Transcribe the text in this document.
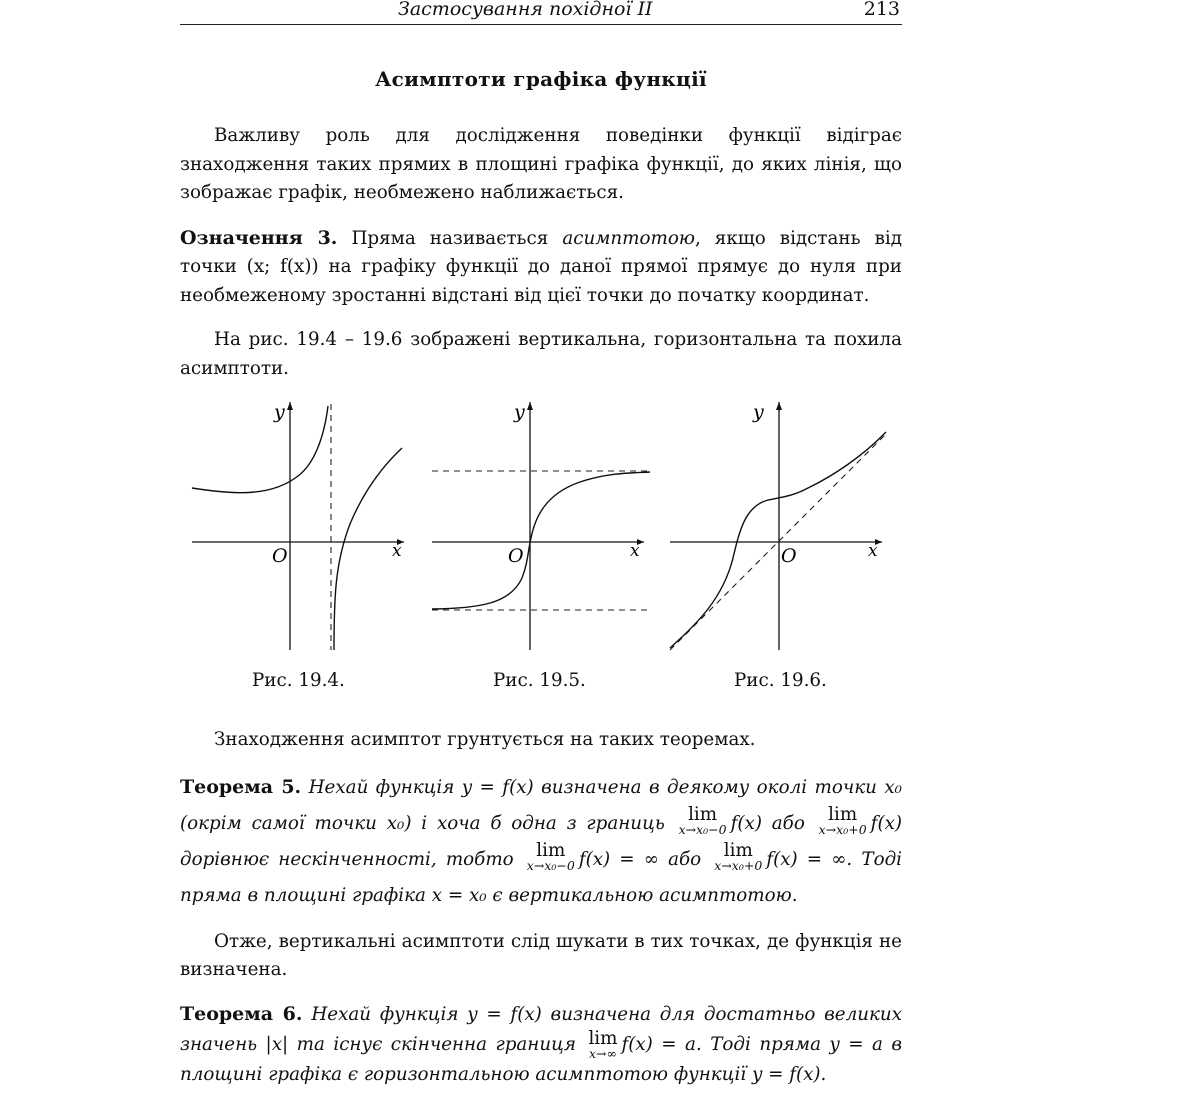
Застосування похідної II	213
Асимптоти графіка функції

Важливу роль для дослідження поведінки функції відіграє знаходження таких прямих в площині графіка функції, до яких лінія, що зображає графік, необмежено наближається.

Означення 3. Пряма називається асимптотою, якщо відстань від точки (x; f(x)) на графіку функції до даної прямої прямує до нуля при необмеженому зростанні відстані від цієї точки до початку координат.

На рис. 19.4 – 19.6 зображені вертикальна, горизонтальна та похила асимптоти.

y
x
O
y
x
O
y
x
O
Рис. 19.4.	Рис. 19.5.	Рис. 19.6.

Знаходження асимптот грунтується на таких теоремах.

Теорема 5. Нехай функція y = f(x) визначена в деякому околі точки x₀ (окрім самої точки x₀) і хоча б одна з границь lim
x→x₀−0 f(x) або lim
x→x₀+0 f(x) дорівнює нескінченності, тобто lim
x→x₀−0 f(x) = ∞ або lim
x→x₀+0 f(x) = ∞. Тоді пряма в площині графіка x = x₀ є вертикальною асимптотою.

Отже, вертикальні асимптоти слід шукати в тих точках, де функція не визначена.

Теорема 6. Нехай функція y = f(x) визначена для достатньо великих значень |x| та існує скінченна границя lim
x→∞ f(x) = a. Тоді пряма y = a в площині графіка є горизонтальною асимптотою функції y = f(x).
